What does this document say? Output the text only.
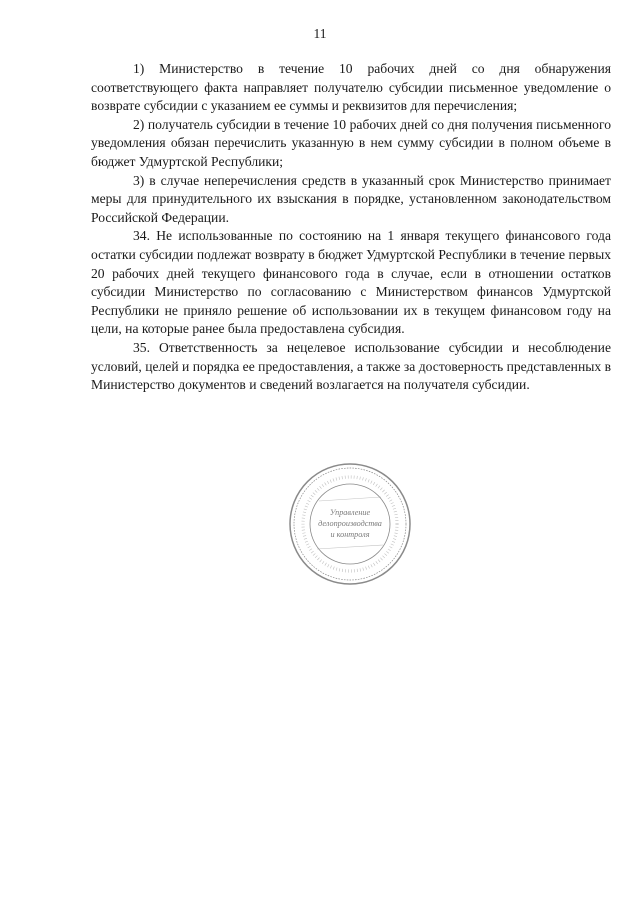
11

1) Министерство в течение 10 рабочих дней со дня обнаружения соответствующего факта направляет получателю субсидии письменное уведомление о возврате субсидии с указанием ее суммы и реквизитов для перечисления;

2) получатель субсидии в течение 10 рабочих дней со дня получения письменного уведомления обязан перечислить указанную в нем сумму субсидии в полном объеме в бюджет Удмуртской Республики;

3) в случае неперечисления средств в указанный срок Министерство принимает меры для принудительного их взыскания в порядке, установленном законодательством Российской Федерации.

34. Не использованные по состоянию на 1 января текущего финансового года остатки субсидии подлежат возврату в бюджет Удмуртской Республики в течение первых 20 рабочих дней текущего финансового года в случае, если в отношении остатков субсидии Министерство по согласованию с Министерством финансов Удмуртской Республики не приняло решение об использовании их в текущем финансовом году на цели, на которые ранее была предоставлена субсидия.

35. Ответственность за нецелевое использование субсидии и несоблюдение условий, целей и порядка ее предоставления, а также за достоверность представленных в Министерство документов и сведений возлагается на получателя субсидии.

Управление
делопроизводства
и контроля
